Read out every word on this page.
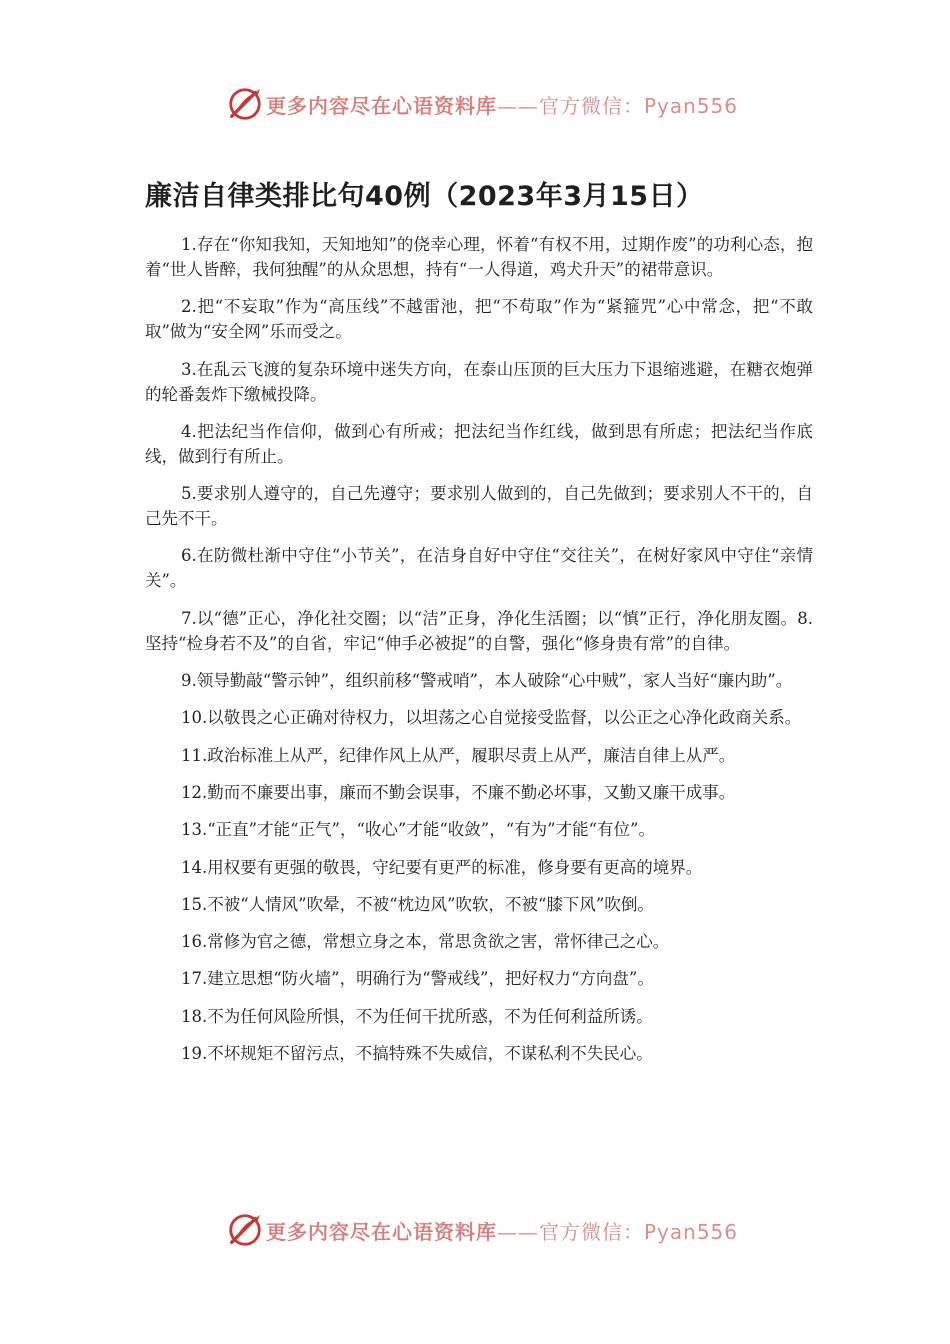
更多内容尽在心语资料库——官方微信：Pyan556
廉洁自律类排比句40例（2023年3月15日）

1.存在“你知我知，天知地知”的侥幸心理，怀着“有权不用，过期作废”的功利心态，抱着“世人皆醉，我何独醒”的从众思想，持有“一人得道，鸡犬升天”的裙带意识。

2.把“不妄取”作为“高压线”不越雷池，把“不苟取”作为“紧箍咒”心中常念，把“不敢取”做为“安全网”乐而受之。

3.在乱云飞渡的复杂环境中迷失方向，在泰山压顶的巨大压力下退缩逃避，在糖衣炮弹的轮番轰炸下缴械投降。

4.把法纪当作信仰，做到心有所戒；把法纪当作红线，做到思有所虑；把法纪当作底线，做到行有所止。

5.要求别人遵守的，自己先遵守；要求别人做到的，自己先做到；要求别人不干的，自己先不干。

6.在防微杜渐中守住“小节关”，在洁身自好中守住“交往关”，在树好家风中守住“亲情关”。

7.以“德”正心，净化社交圈；以“洁”正身，净化生活圈；以“慎”正行，净化朋友圈。8.坚持“检身若不及”的自省，牢记“伸手必被捉”的自警，强化“修身贵有常”的自律。

9.领导勤敲“警示钟”，组织前移“警戒哨”，本人破除“心中贼”，家人当好“廉内助”。

10.以敬畏之心正确对待权力，以坦荡之心自觉接受监督，以公正之心净化政商关系。

11.政治标准上从严，纪律作风上从严，履职尽责上从严，廉洁自律上从严。

12.勤而不廉要出事，廉而不勤会误事，不廉不勤必坏事，又勤又廉干成事。

13.“正直”才能“正气”，“收心”才能“收敛”，“有为”才能“有位”。

14.用权要有更强的敬畏，守纪要有更严的标准，修身要有更高的境界。

15.不被“人情风”吹晕，不被“枕边风”吹软，不被“膝下风”吹倒。

16.常修为官之德，常想立身之本，常思贪欲之害，常怀律己之心。

17.建立思想“防火墙”，明确行为“警戒线”，把好权力“方向盘”。

18.不为任何风险所惧，不为任何干扰所惑，不为任何利益所诱。

19.不坏规矩不留污点，不搞特殊不失威信，不谋私利不失民心。

更多内容尽在心语资料库——官方微信：Pyan556
